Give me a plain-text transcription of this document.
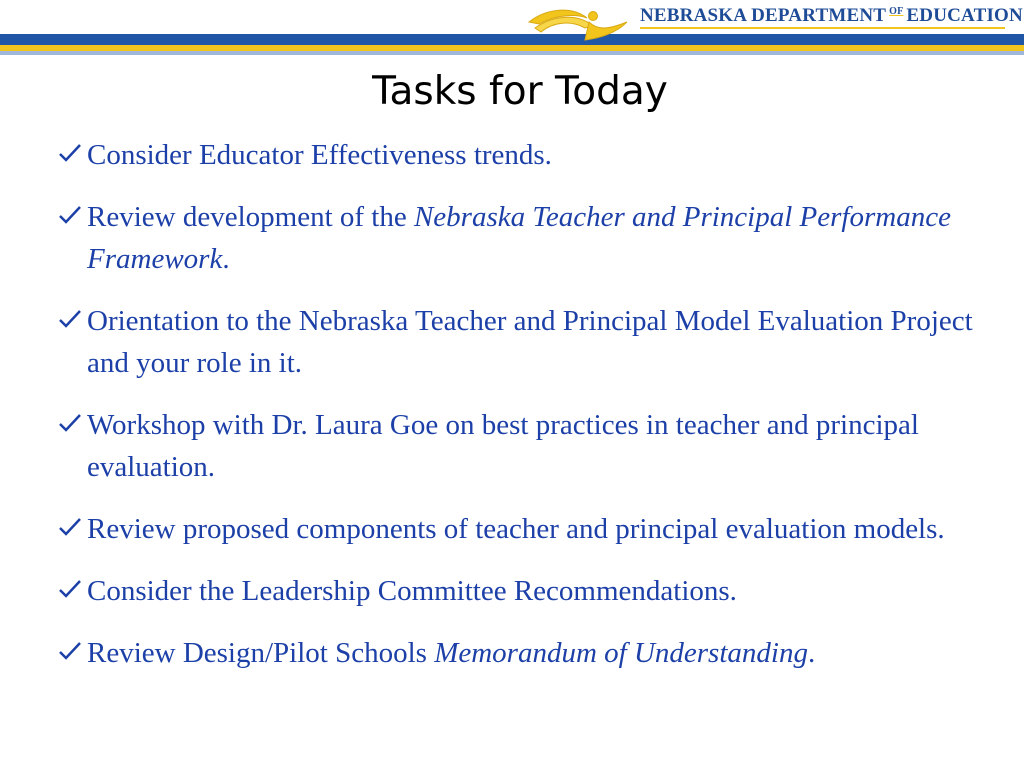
NEBRASKA DEPARTMENT OF EDUCATION
Tasks for Today
Consider Educator Effectiveness trends.
Review development of the Nebraska Teacher and Principal Performance Framework.
Orientation to the Nebraska Teacher and Principal Model Evaluation Project and your role in it.
Workshop with Dr. Laura Goe on best practices in teacher and principal evaluation.
Review proposed components of teacher and principal evaluation models.
Consider the Leadership Committee Recommendations.
Review Design/Pilot Schools Memorandum of Understanding.
